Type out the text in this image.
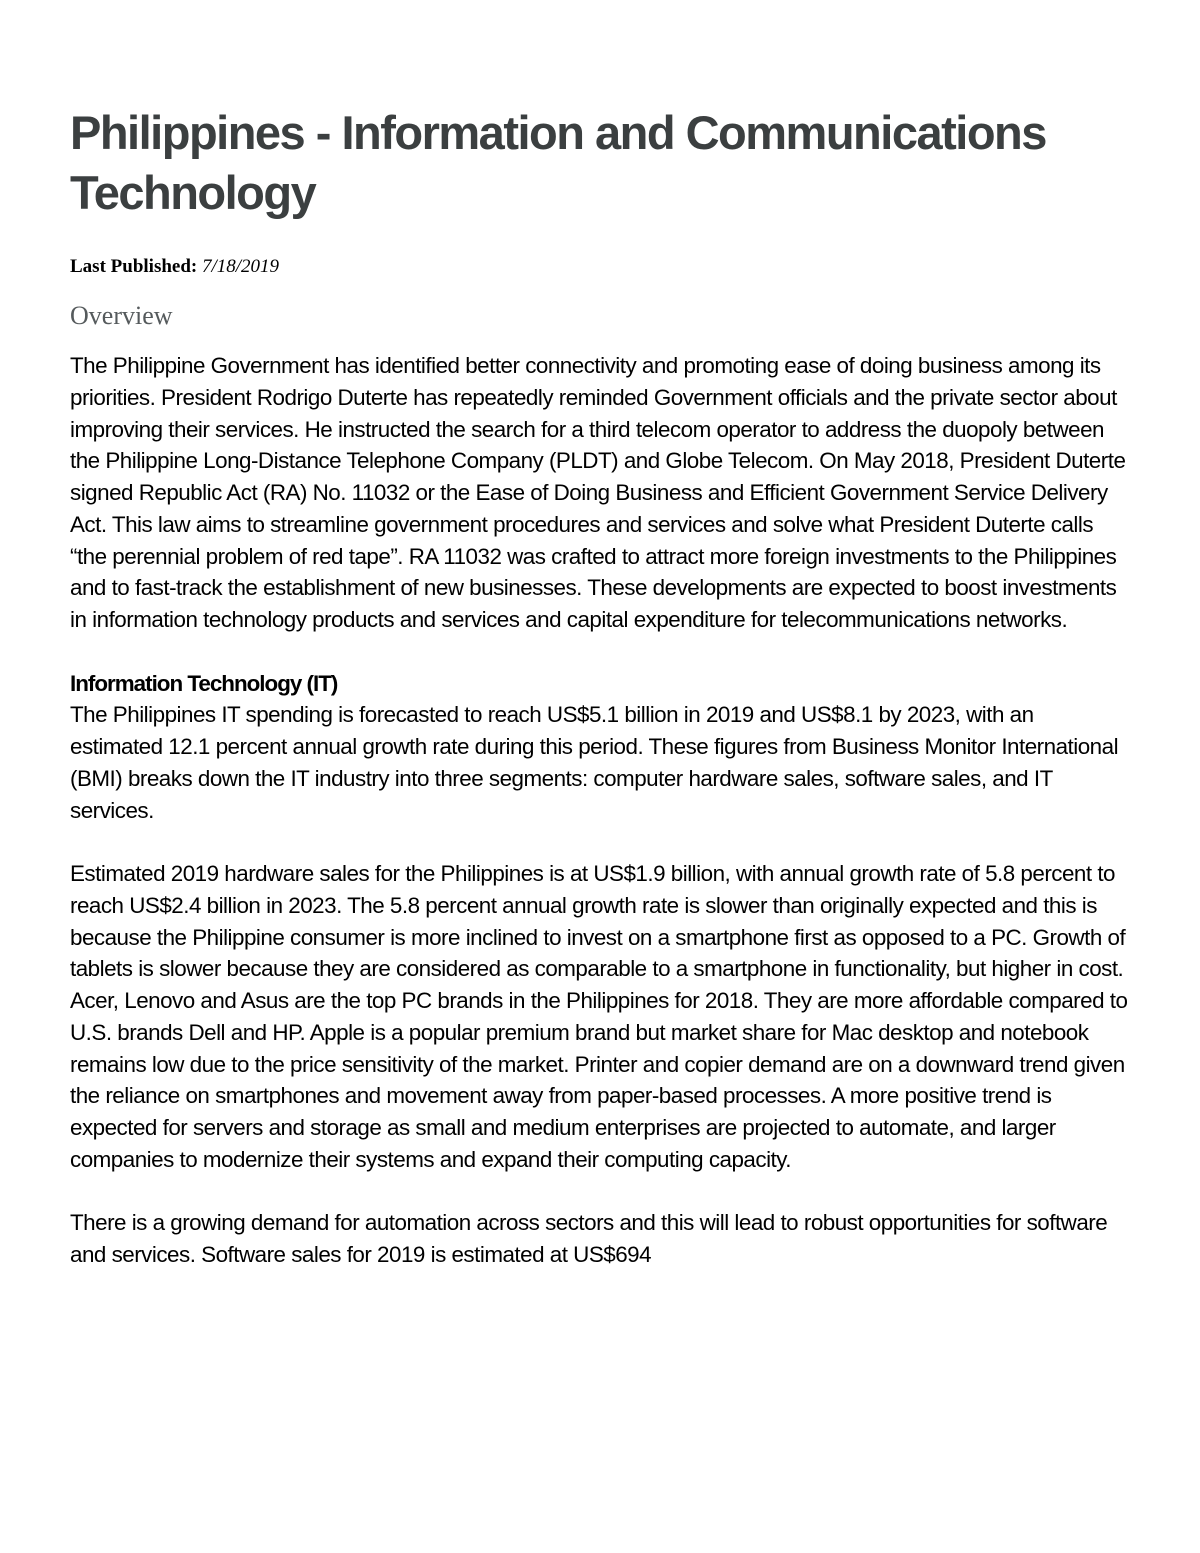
Philippines - Information and Communications Technology
Last Published: 7/18/2019
Overview

The Philippine Government has identified better connectivity and promoting ease of doing business among its priorities. President Rodrigo Duterte has repeatedly reminded Government officials and the private sector about improving their services. He instructed the search for a third telecom operator to address the duopoly between the Philippine Long-Distance Telephone Company (PLDT) and Globe Telecom. On May 2018, President Duterte signed Republic Act (RA) No. 11032 or the Ease of Doing Business and Efficient Government Service Delivery Act. This law aims to streamline government procedures and services and solve what President Duterte calls “the perennial problem of red tape”. RA 11032 was crafted to attract more foreign investments to the Philippines and to fast-track the establishment of new businesses. These developments are expected to boost investments in information technology products and services and capital expenditure for telecommunications networks.

Information Technology (IT)

The Philippines IT spending is forecasted to reach US$5.1 billion in 2019 and US$8.1 by 2023, with an estimated 12.1 percent annual growth rate during this period. These figures from Business Monitor International (BMI) breaks down the IT industry into three segments: computer hardware sales, software sales, and IT services.

Estimated 2019 hardware sales for the Philippines is at US$1.9 billion, with annual growth rate of 5.8 percent to reach US$2.4 billion in 2023. The 5.8 percent annual growth rate is slower than originally expected and this is because the Philippine consumer is more inclined to invest on a smartphone first as opposed to a PC. Growth of tablets is slower because they are considered as comparable to a smartphone in functionality, but higher in cost. Acer, Lenovo and Asus are the top PC brands in the Philippines for 2018. They are more affordable compared to U.S. brands Dell and HP. Apple is a popular premium brand but market share for Mac desktop and notebook remains low due to the price sensitivity of the market. Printer and copier demand are on a downward trend given the reliance on smartphones and movement away from paper-based processes. A more positive trend is expected for servers and storage as small and medium enterprises are projected to automate, and larger companies to modernize their systems and expand their computing capacity.

There is a growing demand for automation across sectors and this will lead to robust opportunities for software and services. Software sales for 2019 is estimated at US$694
